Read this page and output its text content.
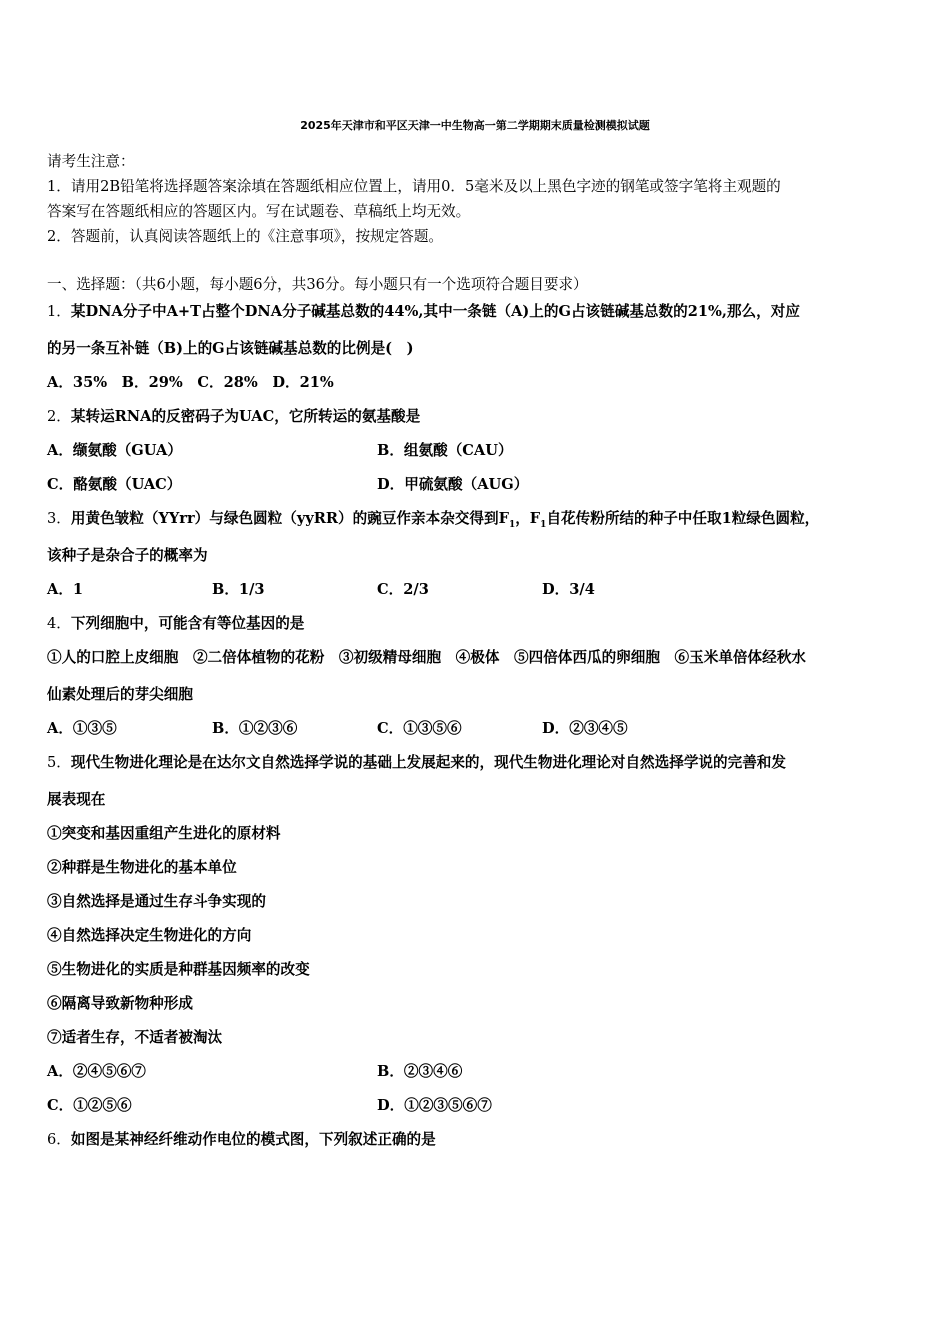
2025年天津市和平区天津一中生物高一第二学期期末质量检测模拟试题
请考生注意：
1．请用2B铅笔将选择题答案涂填在答题纸相应位置上，请用0．5毫米及以上黑色字迹的钢笔或签字笔将主观题的
答案写在答题纸相应的答题区内。写在试题卷、草稿纸上均无效。
2．答题前，认真阅读答题纸上的《注意事项》，按规定答题。
一、选择题：（共6小题，每小题6分，共36分。每小题只有一个选项符合题目要求）
1．某DNA分子中A+T占整个DNA分子碱基总数的44%,其中一条链（A)上的G占该链碱基总数的21%,那么，对应
的另一条互补链（B)上的G占该链碱基总数的比例是(　)
A．35%　B．29%　C．28%　D．21%
2．某转运RNA的反密码子为UAC，它所转运的氨基酸是
A．缬氨酸（GUA）	B．组氨酸（CAU）
C．酪氨酸（UAC）	D．甲硫氨酸（AUG）
3．用黄色皱粒（YYrr）与绿色圆粒（yyRR）的豌豆作亲本杂交得到$F_1$，$F_1$自花传粉所结的种子中任取1粒绿色圆粒，
该种子是杂合子的概率为
A．1	B．1/3	C．2/3	D．3/4
4．下列细胞中，可能含有等位基因的是
①人的口腔上皮细胞　②二倍体植物的花粉　③初级精母细胞　④极体　⑤四倍体西瓜的卵细胞　⑥玉米单倍体经秋水
仙素处理后的芽尖细胞
A．①③⑤	B．①②③⑥	C．①③⑤⑥	D．②③④⑤
5．现代生物进化理论是在达尔文自然选择学说的基础上发展起来的，现代生物进化理论对自然选择学说的完善和发
展表现在
①突变和基因重组产生进化的原材料
②种群是生物进化的基本单位
③自然选择是通过生存斗争实现的
④自然选择决定生物进化的方向
⑤生物进化的实质是种群基因频率的改变
⑥隔离导致新物种形成
⑦适者生存，不适者被淘汰
A．②④⑤⑥⑦	B．②③④⑥
C．①②⑤⑥	D．①②③⑤⑥⑦
6．如图是某神经纤维动作电位的模式图，下列叙述正确的是
